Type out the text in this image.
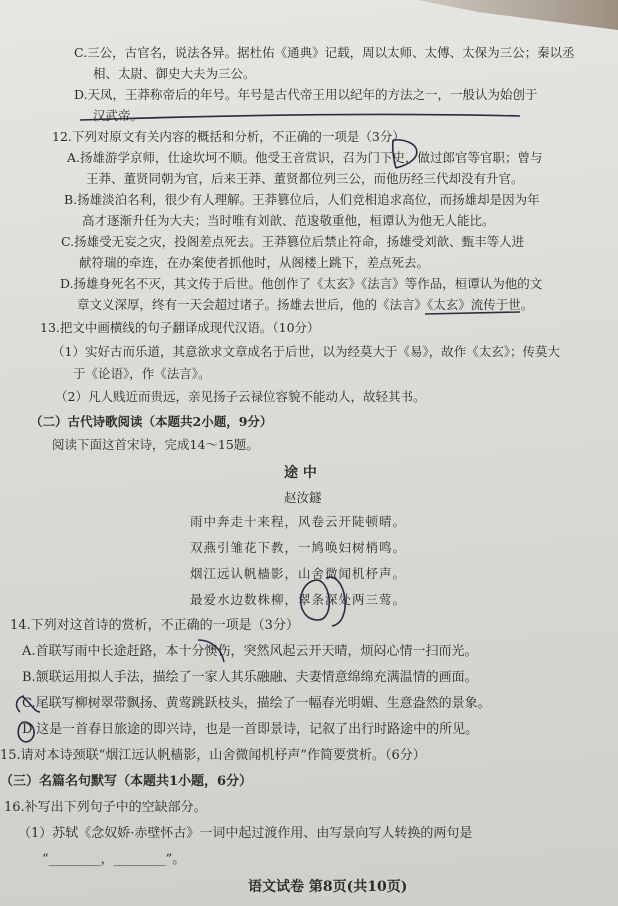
C.三公，古官名，说法各异。据杜佑《通典》记载，周以太师、太傅、太保为三公；秦以丞
相、太尉、御史大夫为三公。
D.天凤，王莽称帝后的年号。年号是古代帝王用以纪年的方法之一，一般认为始创于
汉武帝。
12.下列对原文有关内容的概括和分析，不正确的一项是（3分）
A.扬雄游学京师，仕途坎坷不顺。他受王音赏识，召为门下史，做过郎官等官职；曾与
王莽、董贤同朝为官，后来王莽、董贤都位列三公，而他历经三代却没有升官。
B.扬雄淡泊名利，很少有人理解。王莽篡位后，人们竞相追求高位，而扬雄却是因为年
高才逐渐升任为大夫；当时唯有刘歆、范逡敬重他，桓谭认为他无人能比。
C.扬雄受无妄之灾，投阁差点死去。王莽篡位后禁止符命，扬雄受刘歆、甄丰等人进
献符瑞的牵连，在办案使者抓他时，从阁楼上跳下，差点死去。
D.扬雄身死名不灭，其文传于后世。他创作了《太玄》《法言》等作品，桓谭认为他的文
章文义深厚，终有一天会超过诸子。扬雄去世后，他的《法言》《太玄》流传于世。
13.把文中画横线的句子翻译成现代汉语。（10分）
（1）实好古而乐道，其意欲求文章成名于后世，以为经莫大于《易》，故作《太玄》；传莫大
于《论语》，作《法言》。
（2）凡人贱近而贵远，亲见扬子云禄位容貌不能动人，故轻其书。
（二）古代诗歌阅读（本题共2小题，9分）
阅读下面这首宋诗，完成14～15题。
途 中
赵汝鐩
雨中奔走十来程，风卷云开陡顿晴。
双燕引雏花下教，一鸠唤妇树梢鸣。
烟江远认帆樯影，山舍微闻机杼声。
最爱水边数株柳，翠条深处两三莺。
14.下列对这首诗的赏析，不正确的一项是（3分）
A.首联写雨中长途赶路，本十分懊伤，突然风起云开天晴，烦闷心情一扫而光。
B.颔联运用拟人手法，描绘了一家人其乐融融、夫妻情意绵绵充满温情的画面。
C.尾联写柳树翠带飘扬、黄莺跳跃枝头，描绘了一幅春光明媚、生意盎然的景象。
D.这是一首春日旅途的即兴诗，也是一首即景诗，记叙了出行时路途中的所见。
15.请对本诗颈联“烟江远认帆樯影，山舍微闻机杼声”作简要赏析。（6分）
（三）名篇名句默写（本题共1小题，6分）
16.补写出下列句子中的空缺部分。
（1）苏轼《念奴娇·赤壁怀古》一词中起过渡作用、由写景向写人转换的两句是
“________，________”。
语文试卷 第8页(共10页)
